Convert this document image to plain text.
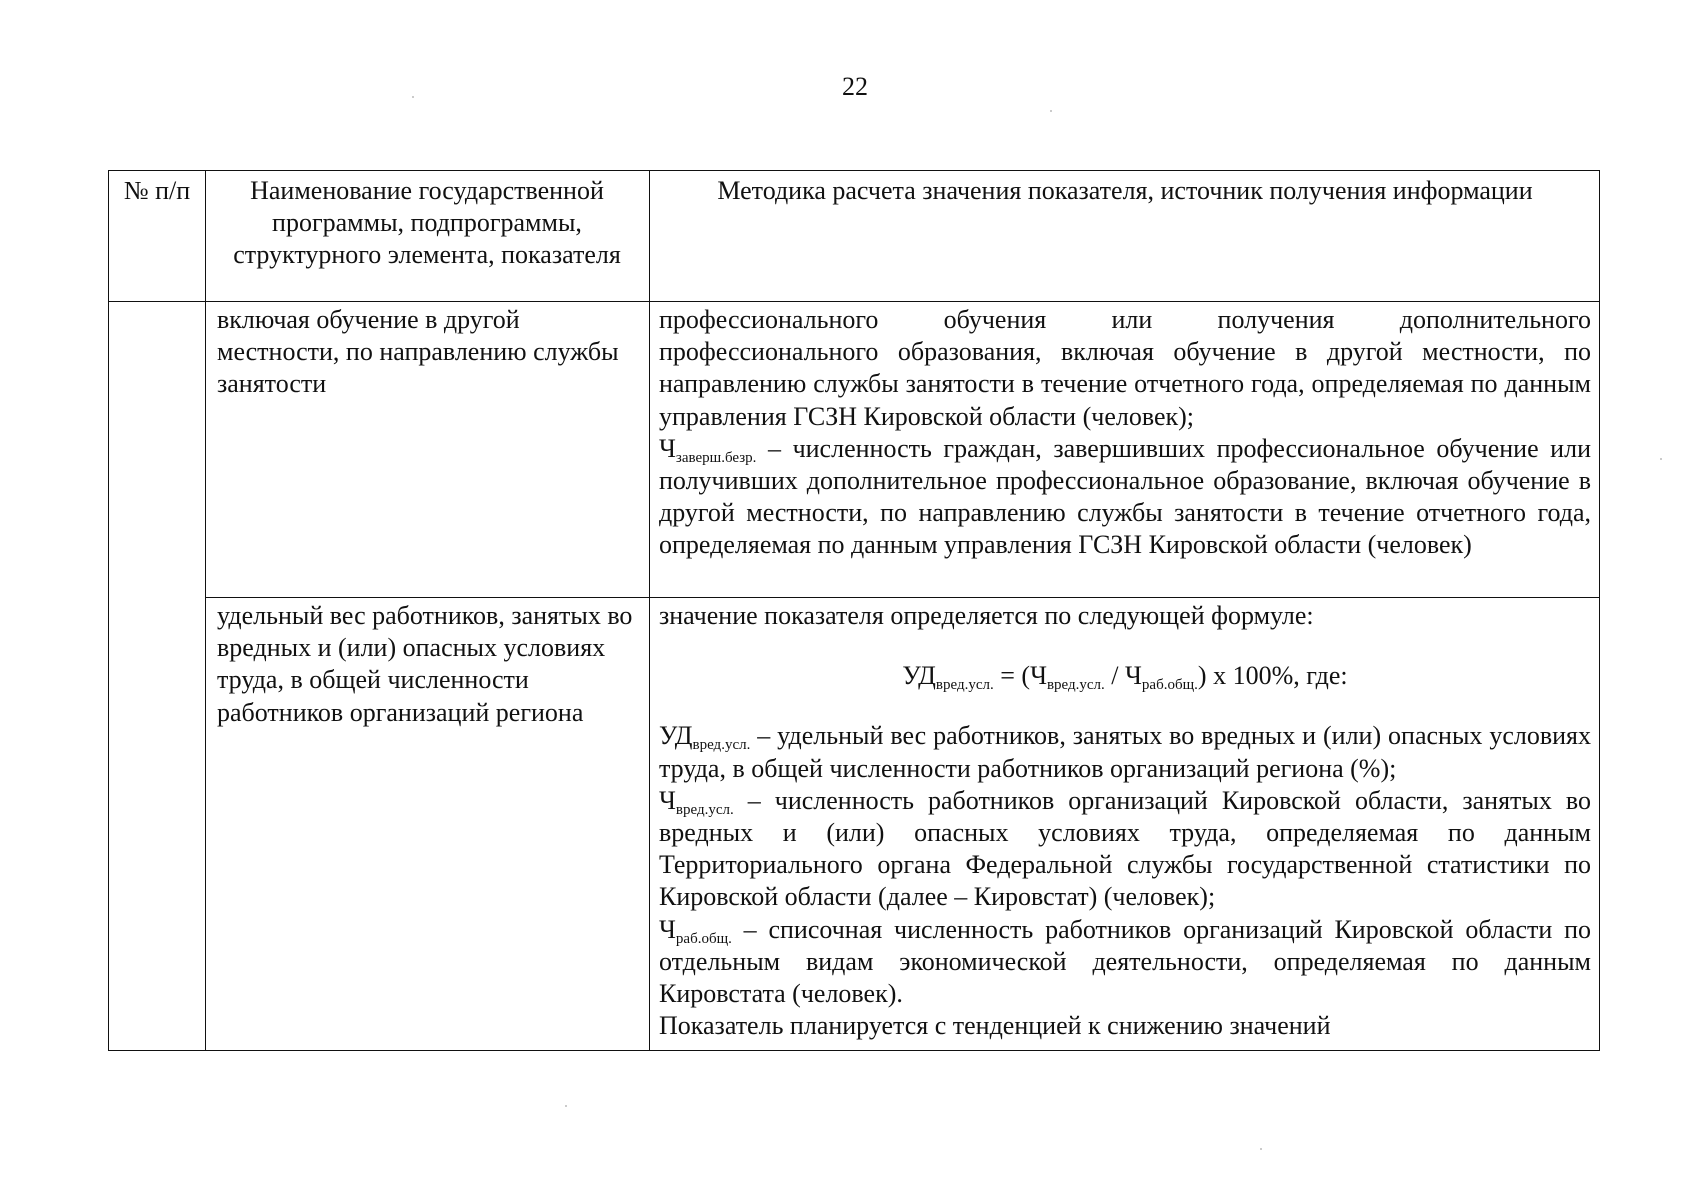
22
№ п/п	Наименование государственной программы, подпрограммы, структурного элемента, показателя
Методика расчета значения показателя, источник получения информации
включая обучение в другой местности, по направлению службы занятости

профессионального обучения или получения дополнительного

профессионального образования, включая обучение в другой местности, по направлению службы занятости в течение отчетного года, определяемая по данным управления ГСЗН Кировской области (человек);

$Ч_{заверш.безр.}$ – численность граждан, завершивших профессиональное обучение или получивших дополнительное профессиональное образование, включая обучение в другой местности, по направлению службы занятости в течение отчетного года, определяемая по данным управления ГСЗН Кировской области (человек)

удельный вес работников, занятых во вредных и (или) опасных условиях труда, в общей численности работников организаций региона

значение показателя определяется по следующей формуле:

$УД_{вред.усл.} = (Ч_{вред.усл.} / Ч_{раб.общ.})$ x 100%, где:

$УД_{вред.усл.}$ – удельный вес работников, занятых во вредных и (или) опасных условиях труда, в общей численности работников организаций региона (%);

$Ч_{вред.усл.}$ – численность работников организаций Кировской области, занятых во вредных и (или) опасных условиях труда, определяемая по данным Территориального органа Федеральной службы государственной статистики по Кировской области (далее – Кировстат) (человек);

$Ч_{раб.общ.}$ – списочная численность работников организаций Кировской области по отдельным видам экономической деятельности, определяемая по данным Кировстата (человек).

Показатель планируется с тенденцией к снижению значений
